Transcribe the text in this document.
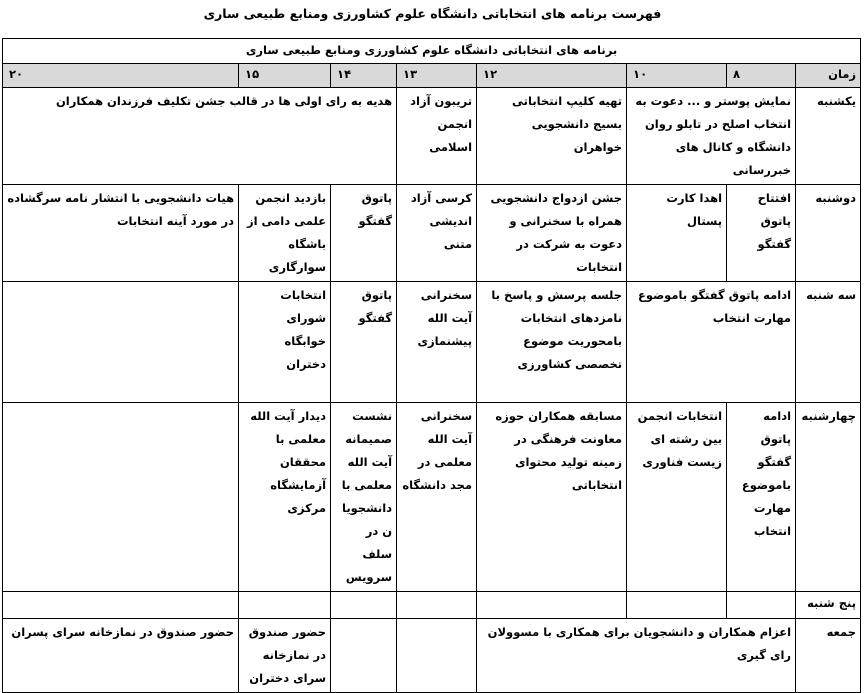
فهرست برنامه های انتخاباتی دانشگاه علوم کشاورزی ومنابع طبیعی ساری
برنامه های انتخاباتی دانشگاه علوم کشاورزی ومنابع طبیعی ساری							
زمان	۸	۱۰	۱۲	۱۳	۱۴	۱۵	۲۰
یکشنبه	نمایش پوستر و ... دعوت به انتخاب اصلح در تابلو روان دانشگاه و کانال های خبررسانی		تهیه کلیپ انتخاباتی بسیج دانشجویی خواهران	تریبون آزاد انجمن اسلامی	هدیه به رای اولی ها در قالب جشن تکلیف فرزندان همکاران		
دوشنبه	افتتاح پاتوق گفتگو	اهدا کارت پستال	جشن ازدواج دانشجویی همراه با سخنرانی و دعوت به شرکت در انتخابات	کرسی آزاد اندیشی متنی	پاتوق گفتگو	بازدید انجمن علمی دامی از باشگاه سوارگاری	هیات دانشجویی با انتشار نامه سرگشاده در مورد آینه انتخابات
سه شنبه	ادامه پاتوق گفتگو باموضوع مهارت انتخاب		جلسه پرسش و پاسخ با نامزدهای انتخابات بامحوریت موضوع تخصصی کشاورزی	سخنرانی آیت الله پیشنمازی	پاتوق گفتگو	انتخابات شورای خوابگاه دختران	
چهارشنبه	ادامه پاتوق گفتگو باموضوع مهارت انتخاب	انتخابات انجمن بین رشته ای زیست فناوری	مسابقه همکاران حوزه معاونت فرهنگی در زمینه تولید محتوای انتخاباتی	سخنرانی آیت الله معلمی در مجد دانشگاه	نشست صمیمانه آیت الله معلمی با دانشجویان در سلف سرویس	دیدار آیت الله معلمی با محققان آزمایشگاه مرکزی	
پنج شنبه							
جمعه	اعزام همکاران و دانشجویان برای همکاری با مسوولان رای گیری					حضور صندوق در نمازخانه سرای دختران	حضور صندوق در نمازخانه سرای پسران
